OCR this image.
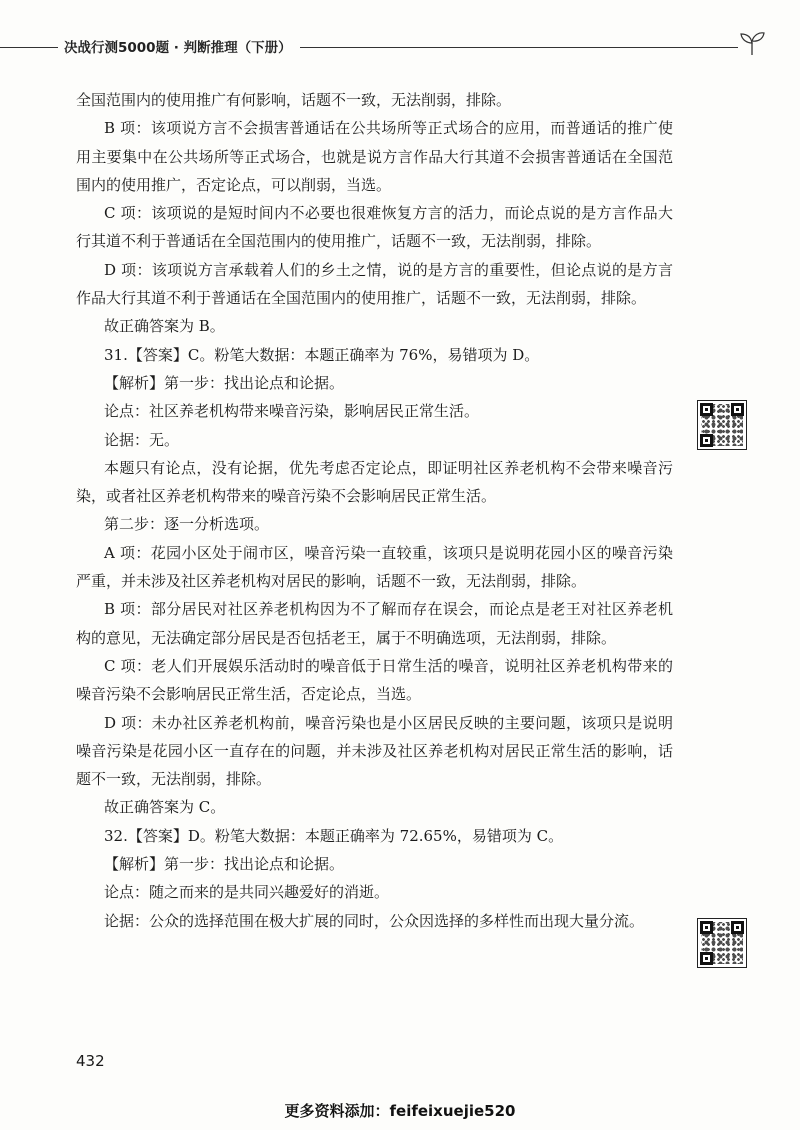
决战行测5000题 · 判断推理（下册）

全国范围内的使用推广有何影响，话题不一致，无法削弱，排除。

B 项：该项说方言不会损害普通话在公共场所等正式场合的应用，而普通话的推广使用主要集中在公共场所等正式场合，也就是说方言作品大行其道不会损害普通话在全国范围内的使用推广，否定论点，可以削弱，当选。

C 项：该项说的是短时间内不必要也很难恢复方言的活力，而论点说的是方言作品大行其道不利于普通话在全国范围内的使用推广，话题不一致，无法削弱，排除。

D 项：该项说方言承载着人们的乡土之情，说的是方言的重要性，但论点说的是方言作品大行其道不利于普通话在全国范围内的使用推广，话题不一致，无法削弱，排除。

故正确答案为 B。

31.【答案】C。粉笔大数据：本题正确率为 76%，易错项为 D。

【解析】第一步：找出论点和论据。

论点：社区养老机构带来噪音污染，影响居民正常生活。

论据：无。

本题只有论点，没有论据，优先考虑否定论点，即证明社区养老机构不会带来噪音污染，或者社区养老机构带来的噪音污染不会影响居民正常生活。

第二步：逐一分析选项。

A 项：花园小区处于闹市区，噪音污染一直较重，该项只是说明花园小区的噪音污染严重，并未涉及社区养老机构对居民的影响，话题不一致，无法削弱，排除。

B 项：部分居民对社区养老机构因为不了解而存在误会，而论点是老王对社区养老机构的意见，无法确定部分居民是否包括老王，属于不明确选项，无法削弱，排除。

C 项：老人们开展娱乐活动时的噪音低于日常生活的噪音，说明社区养老机构带来的噪音污染不会影响居民正常生活，否定论点，当选。

D 项：未办社区养老机构前，噪音污染也是小区居民反映的主要问题，该项只是说明噪音污染是花园小区一直存在的问题，并未涉及社区养老机构对居民正常生活的影响，话题不一致，无法削弱，排除。

故正确答案为 C。

32.【答案】D。粉笔大数据：本题正确率为 72.65%，易错项为 C。

【解析】第一步：找出论点和论据。

论点：随之而来的是共同兴趣爱好的消逝。

论据：公众的选择范围在极大扩展的同时，公众因选择的多样性而出现大量分流。

432
更多资料添加：feifeixuejie520
